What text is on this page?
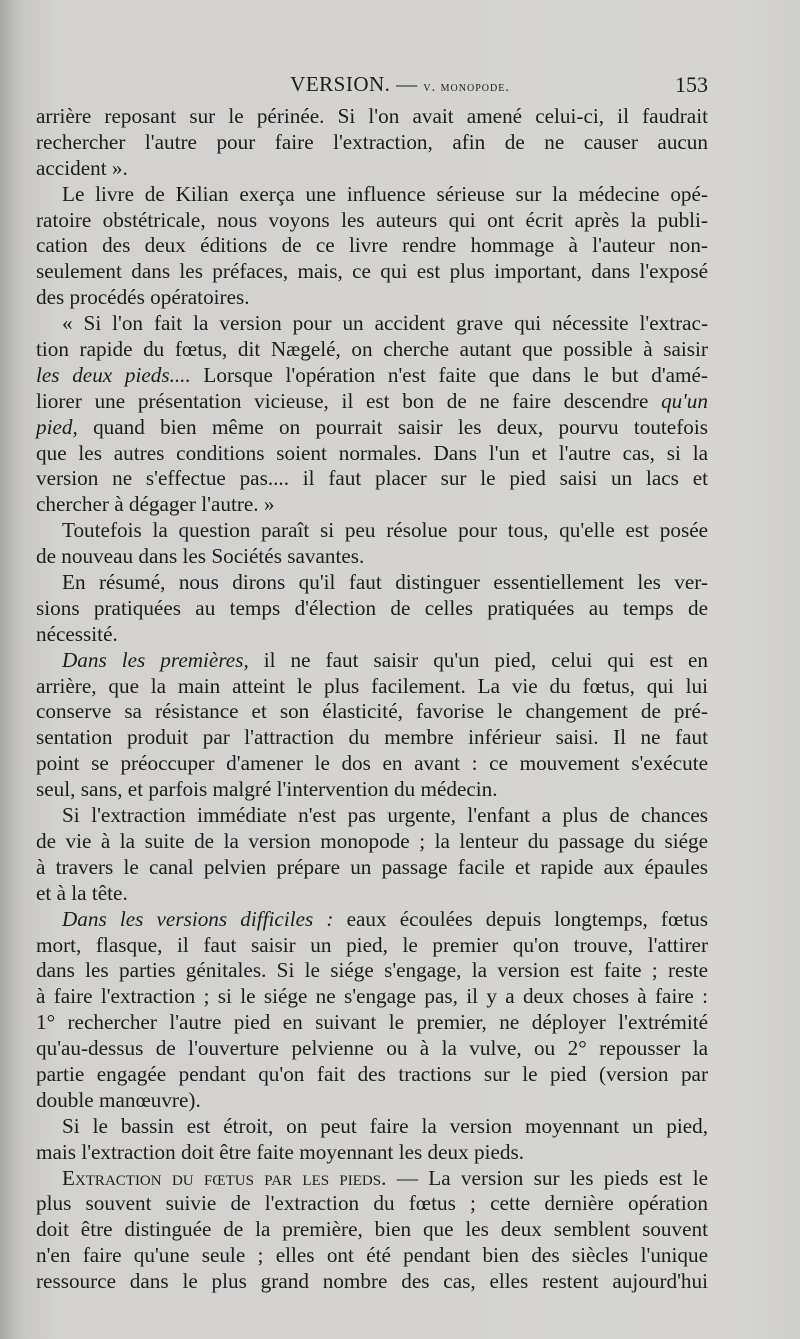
VERSION. — v. monopode.	153
arrière reposant sur le périnée. Si l'on avait amené celui-ci, il faudrait
rechercher l'autre pour faire l'extraction, afin de ne causer aucun
accident ».
Le livre de Kilian exerça une influence sérieuse sur la médecine opé-
ratoire obstétricale, nous voyons les auteurs qui ont écrit après la publi-
cation des deux éditions de ce livre rendre hommage à l'auteur non-
seulement dans les préfaces, mais, ce qui est plus important, dans l'exposé
des procédés opératoires.
« Si l'on fait la version pour un accident grave qui nécessite l'extrac-
tion rapide du fœtus, dit Nægelé, on cherche autant que possible à saisir
les deux pieds.... Lorsque l'opération n'est faite que dans le but d'amé-
liorer une présentation vicieuse, il est bon de ne faire descendre qu'un
pied, quand bien même on pourrait saisir les deux, pourvu toutefois
que les autres conditions soient normales. Dans l'un et l'autre cas, si la
version ne s'effectue pas.... il faut placer sur le pied saisi un lacs et
chercher à dégager l'autre. »
Toutefois la question paraît si peu résolue pour tous, qu'elle est posée
de nouveau dans les Sociétés savantes.
En résumé, nous dirons qu'il faut distinguer essentiellement les ver-
sions pratiquées au temps d'élection de celles pratiquées au temps de
nécessité.
Dans les premières, il ne faut saisir qu'un pied, celui qui est en
arrière, que la main atteint le plus facilement. La vie du fœtus, qui lui
conserve sa résistance et son élasticité, favorise le changement de pré-
sentation produit par l'attraction du membre inférieur saisi. Il ne faut
point se préoccuper d'amener le dos en avant : ce mouvement s'exécute
seul, sans, et parfois malgré l'intervention du médecin.
Si l'extraction immédiate n'est pas urgente, l'enfant a plus de chances
de vie à la suite de la version monopode ; la lenteur du passage du siége
à travers le canal pelvien prépare un passage facile et rapide aux épaules
et à la tête.
Dans les versions difficiles : eaux écoulées depuis longtemps, fœtus
mort, flasque, il faut saisir un pied, le premier qu'on trouve, l'attirer
dans les parties génitales. Si le siége s'engage, la version est faite ; reste
à faire l'extraction ; si le siége ne s'engage pas, il y a deux choses à faire :
1° rechercher l'autre pied en suivant le premier, ne déployer l'extrémité
qu'au-dessus de l'ouverture pelvienne ou à la vulve, ou 2° repousser la
partie engagée pendant qu'on fait des tractions sur le pied (version par
double manœuvre).
Si le bassin est étroit, on peut faire la version moyennant un pied,
mais l'extraction doit être faite moyennant les deux pieds.
Extraction du fœtus par les pieds. — La version sur les pieds est le
plus souvent suivie de l'extraction du fœtus ; cette dernière opération
doit être distinguée de la première, bien que les deux semblent souvent
n'en faire qu'une seule ; elles ont été pendant bien des siècles l'unique
ressource dans le plus grand nombre des cas, elles restent aujourd'hui
